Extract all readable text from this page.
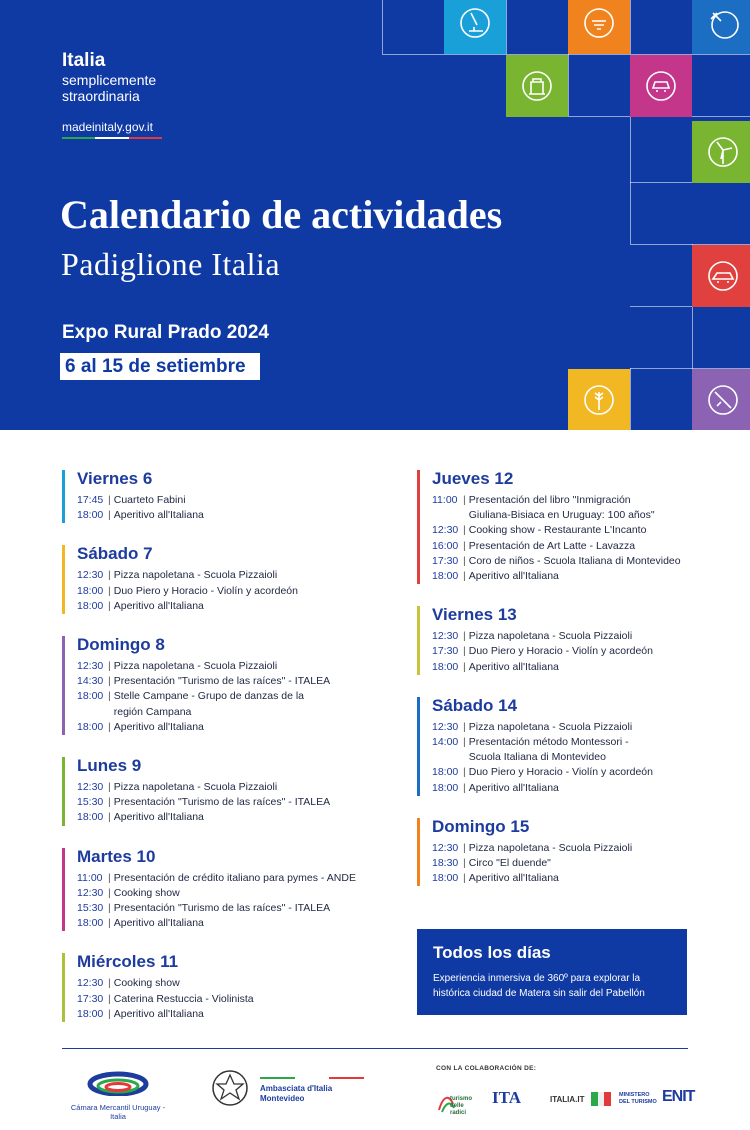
Italia
semplicemente
straordinaria
madeinitaly.gov.it
Calendario de actividades
Padiglione Italia
Expo Rural Prado 2024
6 al 15 de setiembre
Viernes 6
17:45 | Cuarteto Fabini
18:00 | Aperitivo all'Italiana
Sábado 7
12:30 | Pizza napoletana - Scuola Pizzaioli
18:00 | Duo Piero y Horacio - Violín y acordeón
18:00 | Aperitivo all'Italiana
Domingo 8
12:30 | Pizza napoletana - Scuola Pizzaioli
14:30 | Presentación "Turismo de las raíces" - ITALEA
18:00 | Stelle Campane - Grupo de danzas de la
región Campana
18:00 | Aperitivo all'Italiana
Lunes 9
12:30 | Pizza napoletana - Scuola Pizzaioli
15:30 | Presentación "Turismo de las raíces" - ITALEA
18:00 | Aperitivo all'Italiana
Martes 10
11:00 | Presentación de crédito italiano para pymes - ANDE
12:30 | Cooking show
15:30 | Presentación "Turismo de las raíces" - ITALEA
18:00 | Aperitivo all'Italiana
Miércoles 11
12:30 | Cooking show
17:30 | Caterina Restuccia - Violinista
18:00 | Aperitivo all'Italiana
Jueves 12
11:00 | Presentación del libro "Inmigración
Giuliana-Bisiaca en Uruguay: 100 años"
12:30 | Cooking show - Restaurante L'Incanto
16:00 | Presentación de Art Latte - Lavazza
17:30 | Coro de niños - Scuola Italiana di Montevideo
18:00 | Aperitivo all'Italiana
Viernes 13
12:30 | Pizza napoletana - Scuola Pizzaioli
17:30 | Duo Piero y Horacio - Violín y acordeón
18:00 | Aperitivo all'Italiana
Sábado 14
12:30 | Pizza napoletana - Scuola Pizzaioli
14:00 | Presentación método Montessori -
Scuola Italiana di Montevideo
18:00 | Duo Piero y Horacio - Violín y acordeón
18:00 | Aperitivo all'Italiana
Domingo 15
12:30 | Pizza napoletana - Scuola Pizzaioli
18:30 | Circo "El duende"
18:00 | Aperitivo all'Italiana
Todos los días
Experiencia inmersiva de 360º para explorar la histórica ciudad de Matera sin salir del Pabellón
Cámara Mercantil Uruguay - Italia
Ambasciata d'Italia
Montevideo
CON LA COLABORACIÓN DE:
turismo delle radici
ITA	ITALIA.IT	MINISTERO DEL TURISMO ENIT
